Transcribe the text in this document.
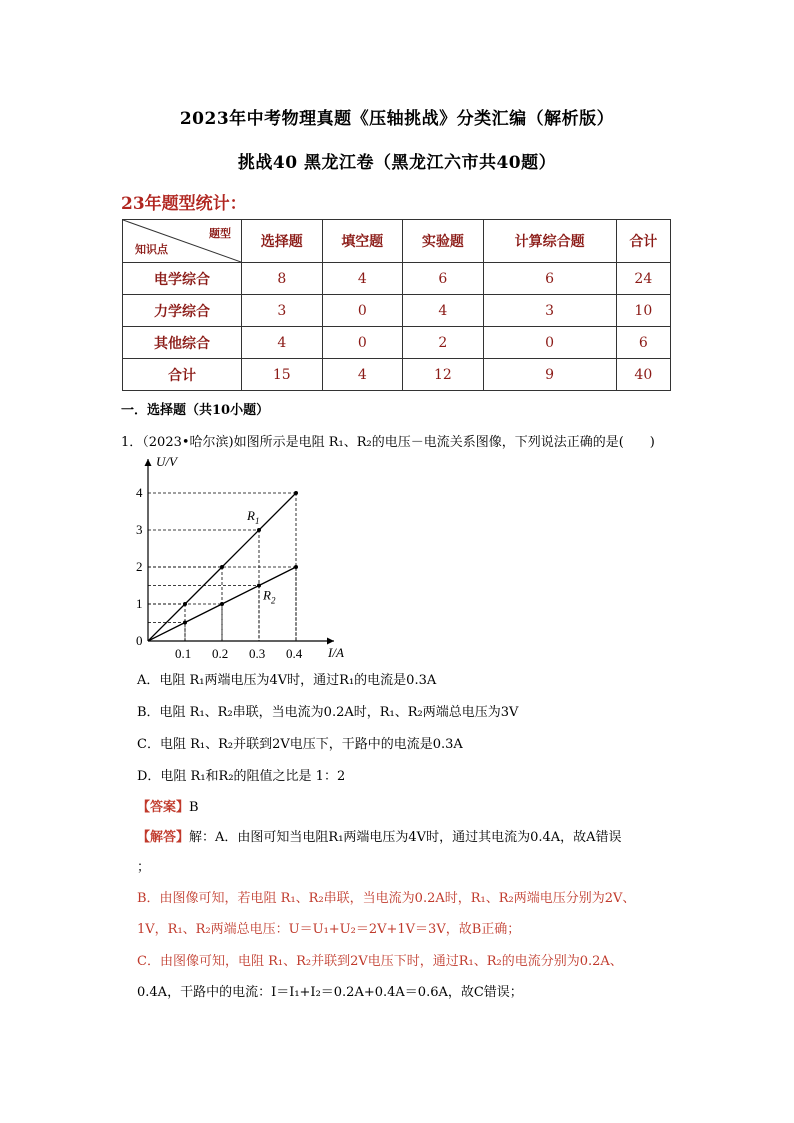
2023年中考物理真题《压轴挑战》分类汇编（解析版）
挑战40 黑龙江卷（黑龙江六市共40题）
23年题型统计：
题型
知识点	选择题	填空题	实验题	计算综合题	合计
电学综合	8	4	6	6	24
力学综合	3	0	4	3	10
其他综合	4	0	2	0	6
合计	15	4	12	9	40
一．选择题（共10小题）
1．（2023•哈尔滨)如图所示是电阻 R₁、R₂的电压－电流关系图像，下列说法正确的是(　　)
U/V
I/A
0
0.1 0.2 0.3 0.4
1
2
3
4
$R_1$
$R_2$
A．电阻 R₁两端电压为4V时，通过R₁的电流是0.3A
B．电阻 R₁、R₂串联，当电流为0.2A时，R₁、R₂两端总电压为3V
C．电阻 R₁、R₂并联到2V电压下，干路中的电流是0.3A
D．电阻 R₁和R₂的阻值之比是 1：2
【答案】B
【解答】解：A．由图可知当电阻R₁两端电压为4V时，通过其电流为0.4A，故A错误
；
B．由图像可知，若电阻 R₁、R₂串联，当电流为0.2A时，R₁、R₂两端电压分别为2V、
1V，R₁、R₂两端总电压：U＝U₁+U₂＝2V+1V＝3V，故B正确；
C．由图像可知，电阻 R₁、R₂并联到2V电压下时，通过R₁、R₂的电流分别为0.2A、
0.4A，干路中的电流：I＝I₁+I₂＝0.2A+0.4A＝0.6A，故C错误；
